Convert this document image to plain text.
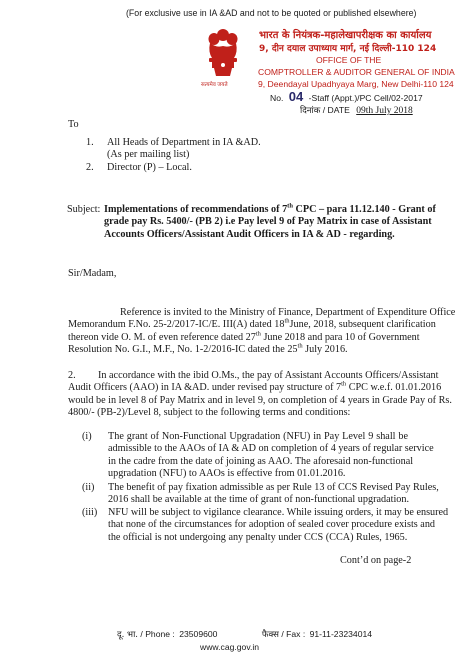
(For exclusive use in IA &AD and not to be quoted or published elsewhere)
सत्यमेव जयते
भारत के नियंत्रक-महालेखापरीक्षक का कार्यालय
9, दीन दयाल उपाध्याय मार्ग, नई दिल्ली-110 124
OFFICE OF THE
COMPTROLLER & AUDITOR GENERAL OF INDIA
9, Deendayal Upadhyaya Marg, New Delhi-110 124
No. 04 -Staff (Appt.)/PC Cell/02-2017
दिनांक / DATE 09th July 2018
To
1. All Heads of Department in IA &AD.
(As per mailing list)
2. Director (P) – Local.
Subject: Implementations of recommendations of 7th CPC – para 11.12.140 - Grant of
grade pay Rs. 5400/- (PB 2) i.e Pay level 9 of Pay Matrix in case of Assistant
Accounts Officers/Assistant Audit Officers in IA & AD - regarding.
Sir/Madam,
Reference is invited to the Ministry of Finance, Department of Expenditure Office
Memorandum F.No. 25-2/2017-IC/E. III(A) dated 18thJune, 2018, subsequent clarification
thereon vide O. M. of even reference dated 27th June 2018 and para 10 of Government
Resolution No. G.I., M.F., No. 1-2/2016-IC dated the 25th July 2016.
2.	In accordance with the ibid O.Ms., the pay of Assistant Accounts Officers/Assistant
Audit Officers (AAO) in IA &AD. under revised pay structure of 7th CPC w.e.f. 01.01.2016
would be in level 8 of Pay Matrix and in level 9, on completion of 4 years in Grade Pay of Rs.
4800/- (PB-2)/Level 8, subject to the following terms and conditions:
(i) The grant of Non-Functional Upgradation (NFU) in Pay Level 9 shall be
admissible to the AAOs of IA & AD on completion of 4 years of regular service
in the cadre from the date of joining as AAO. The aforesaid non-functional
upgradation (NFU) to AAOs is effective from 01.01.2016.
(ii) The benefit of pay fixation admissible as per Rule 13 of CCS Revised Pay Rules,
2016 shall be available at the time of grant of non-functional upgradation.
(iii) NFU will be subject to vigilance clearance. While issuing orders, it may be ensured
that none of the circumstances for adoption of sealed cover procedure exists and
the official is not undergoing any penalty under CCS (CCA) Rules, 1965.
Cont’d on page-2
दू. भा. / Phone : 23509600	फैक्स / Fax : 91-11-23234014
www.cag.gov.in
